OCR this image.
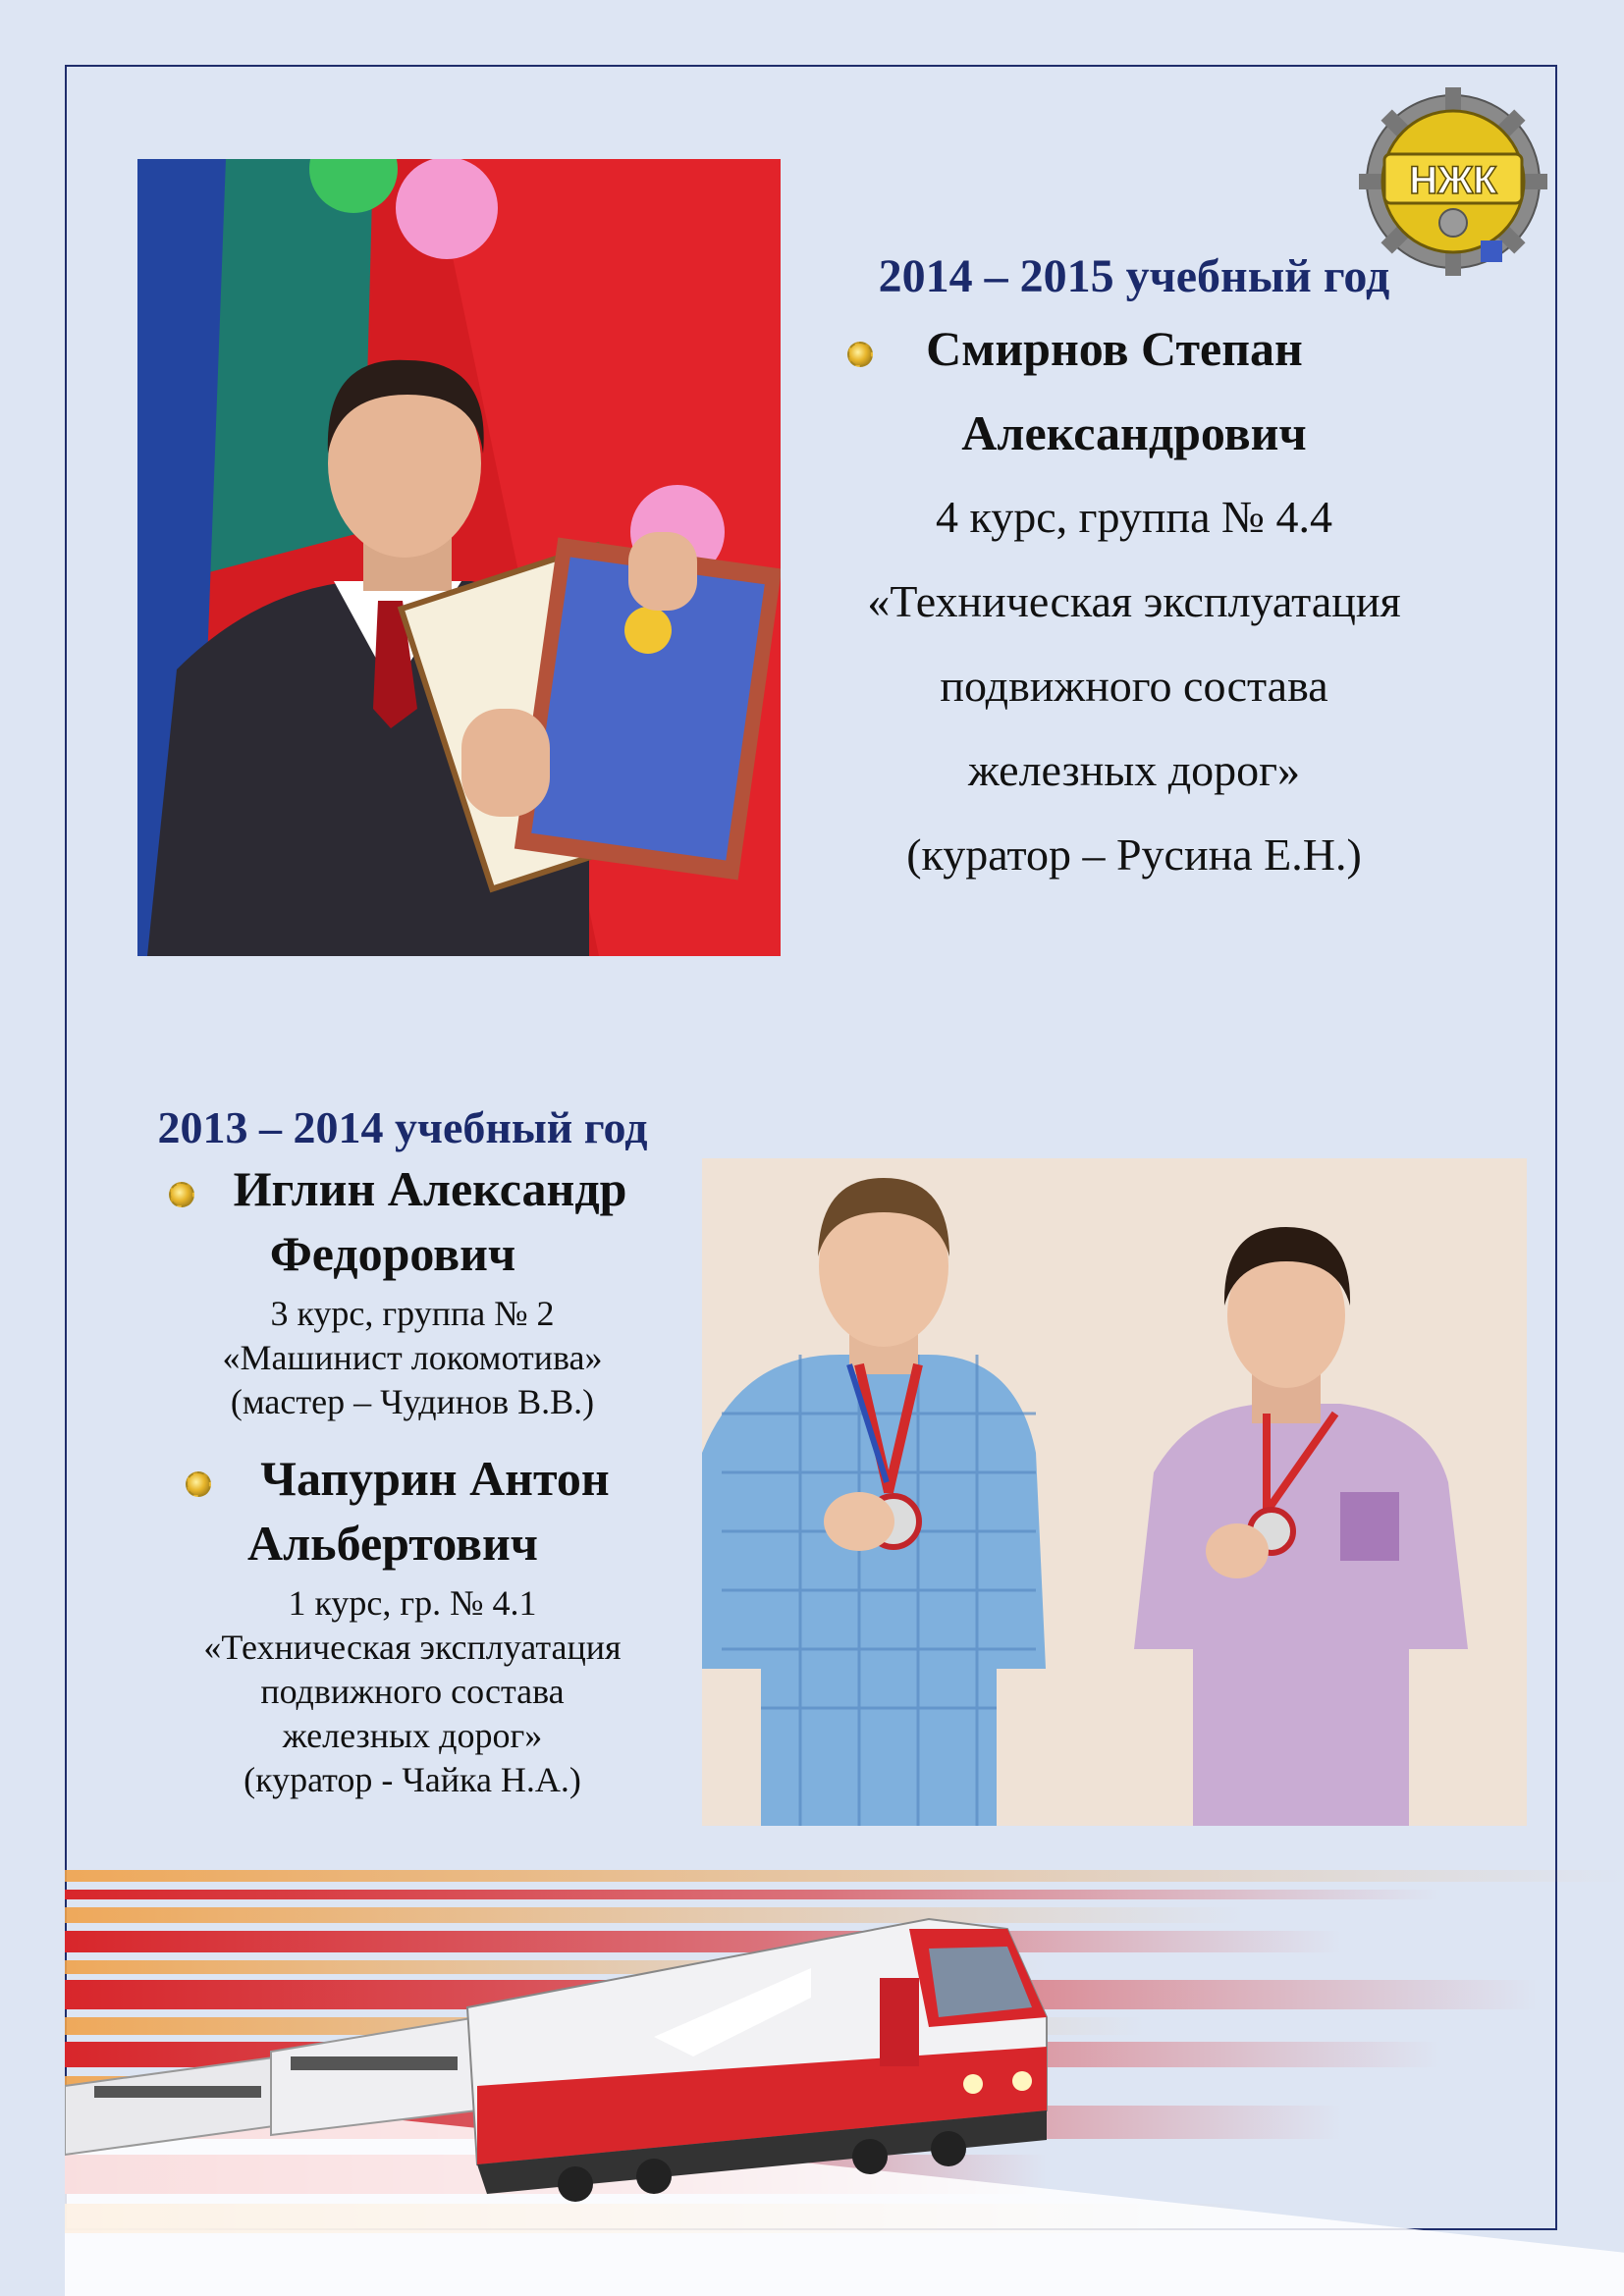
НЖК
2014 – 2015 учебный год
Смирнов Степан
Александрович
4 курс, группа № 4.4
«Техническая эксплуатация
подвижного состава
железных дорог»
(куратор – Русина Е.Н.)
2013 – 2014 учебный год
Иглин Александр
Федорович
3 курс, группа № 2
«Машинист локомотива»
(мастер – Чудинов В.В.)
Чапурин Антон
Альбертович
1 курс, гр. № 4.1
«Техническая эксплуатация
подвижного состава
железных дорог»
(куратор - Чайка Н.А.)
